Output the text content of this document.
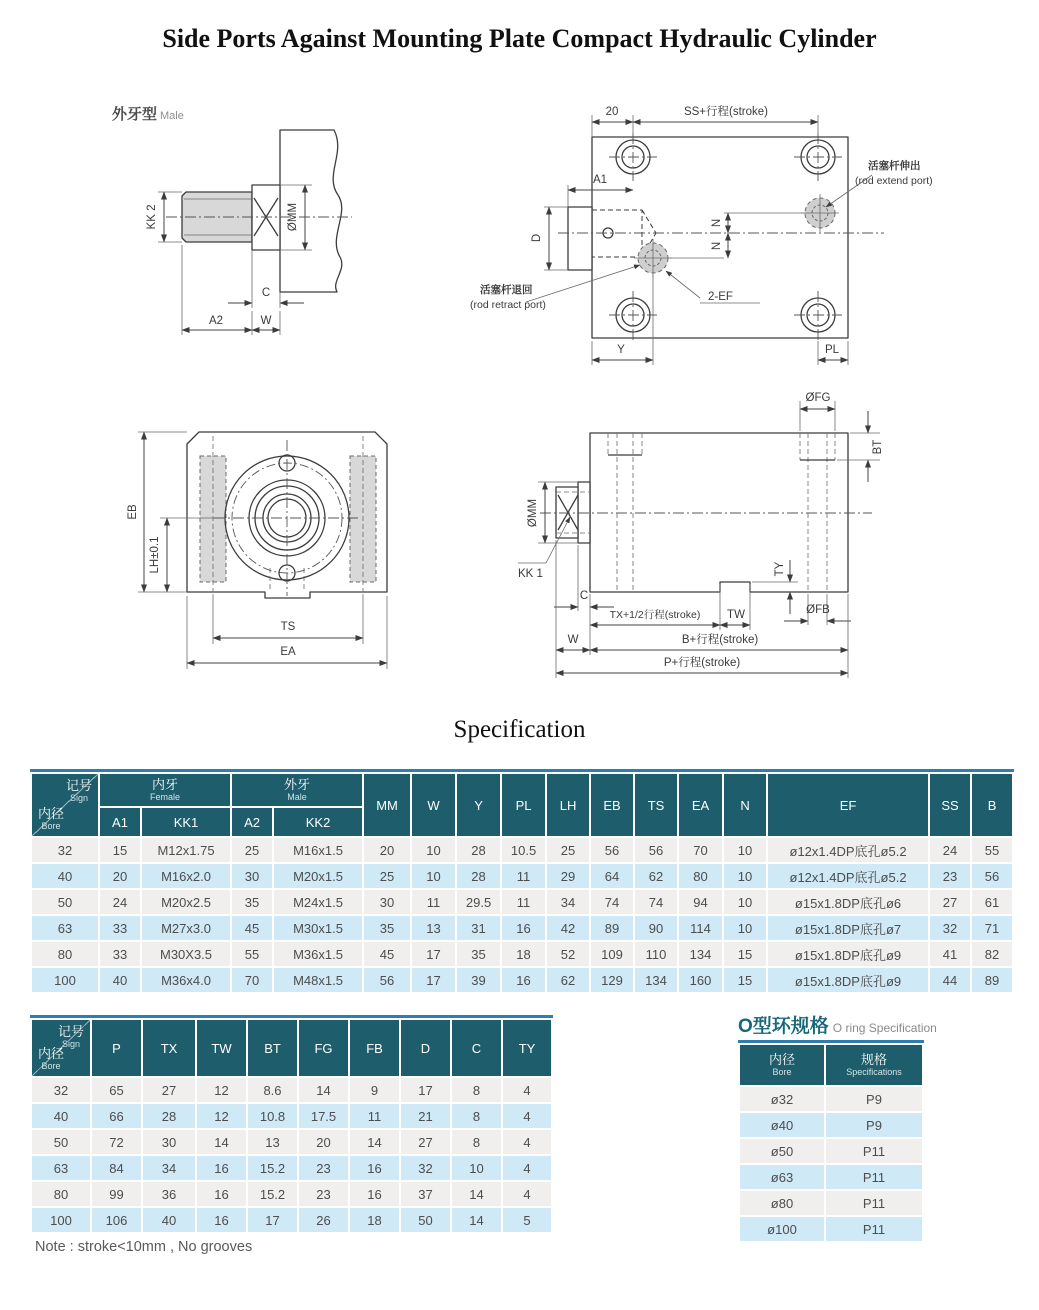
Side Ports Against Mounting Plate Compact Hydraulic Cylinder
外牙型 Male
KK 2	ØMM
C
A2	W
20	SS+行程(stroke)
A1
D
N
N
2-EF
活塞杆伸出
(rod extend port)
活塞杆退回
(rod retract port)
Y	PL
EB
LH±0.1
TS
EA
ØFG
BT
ØMM
KK 1	TY
C
TX+1/2行程(stroke) TW	ØFB
W	B+行程(stroke)
P+行程(stroke)
Specification
记号
Sign
内径
Bore	内牙
Female		外牙
Male		MM	W	Y	PL	LH	EB	TS	EA	N	EF	SS	B
	A1	KK1	A2	KK2												
32	15	M12x1.75	25	M16x1.5	20	10	28	10.5	25	56	56	70	10	ø12x1.4DP底孔ø5.2	24	55
40	20	M16x2.0	30	M20x1.5	25	10	28	11	29	64	62	80	10	ø12x1.4DP底孔ø5.2	23	56
50	24	M20x2.5	35	M24x1.5	30	11	29.5	11	34	74	74	94	10	ø15x1.8DP底孔ø6	27	61
63	33	M27x3.0	45	M30x1.5	35	13	31	16	42	89	90	114	10	ø15x1.8DP底孔ø7	32	71
80	33	M30X3.5	55	M36x1.5	45	17	35	18	52	109	110	134	15	ø15x1.8DP底孔ø9	41	82
100	40	M36x4.0	70	M48x1.5	56	17	39	16	62	129	134	160	15	ø15x1.8DP底孔ø9	44	89
记号
Sign
内径
Bore	P	TX	TW	BT	FG	FB	D	C	TY
32	65	27	12	8.6	14	9	17	8	4
40	66	28	12	10.8	17.5	11	21	8	4
50	72	30	14	13	20	14	27	8	4
63	84	34	16	15.2	23	16	32	10	4
80	99	36	16	15.2	23	16	37	14	4
100	106	40	16	17	26	18	50	14	5
O型环规格 O ring Specification
内径
Bore	规格
Specifications

ø32	P9
ø40	P9
ø50	P11
ø63	P11
ø80	P11
ø100	P11
Note : stroke<10mm , No grooves
